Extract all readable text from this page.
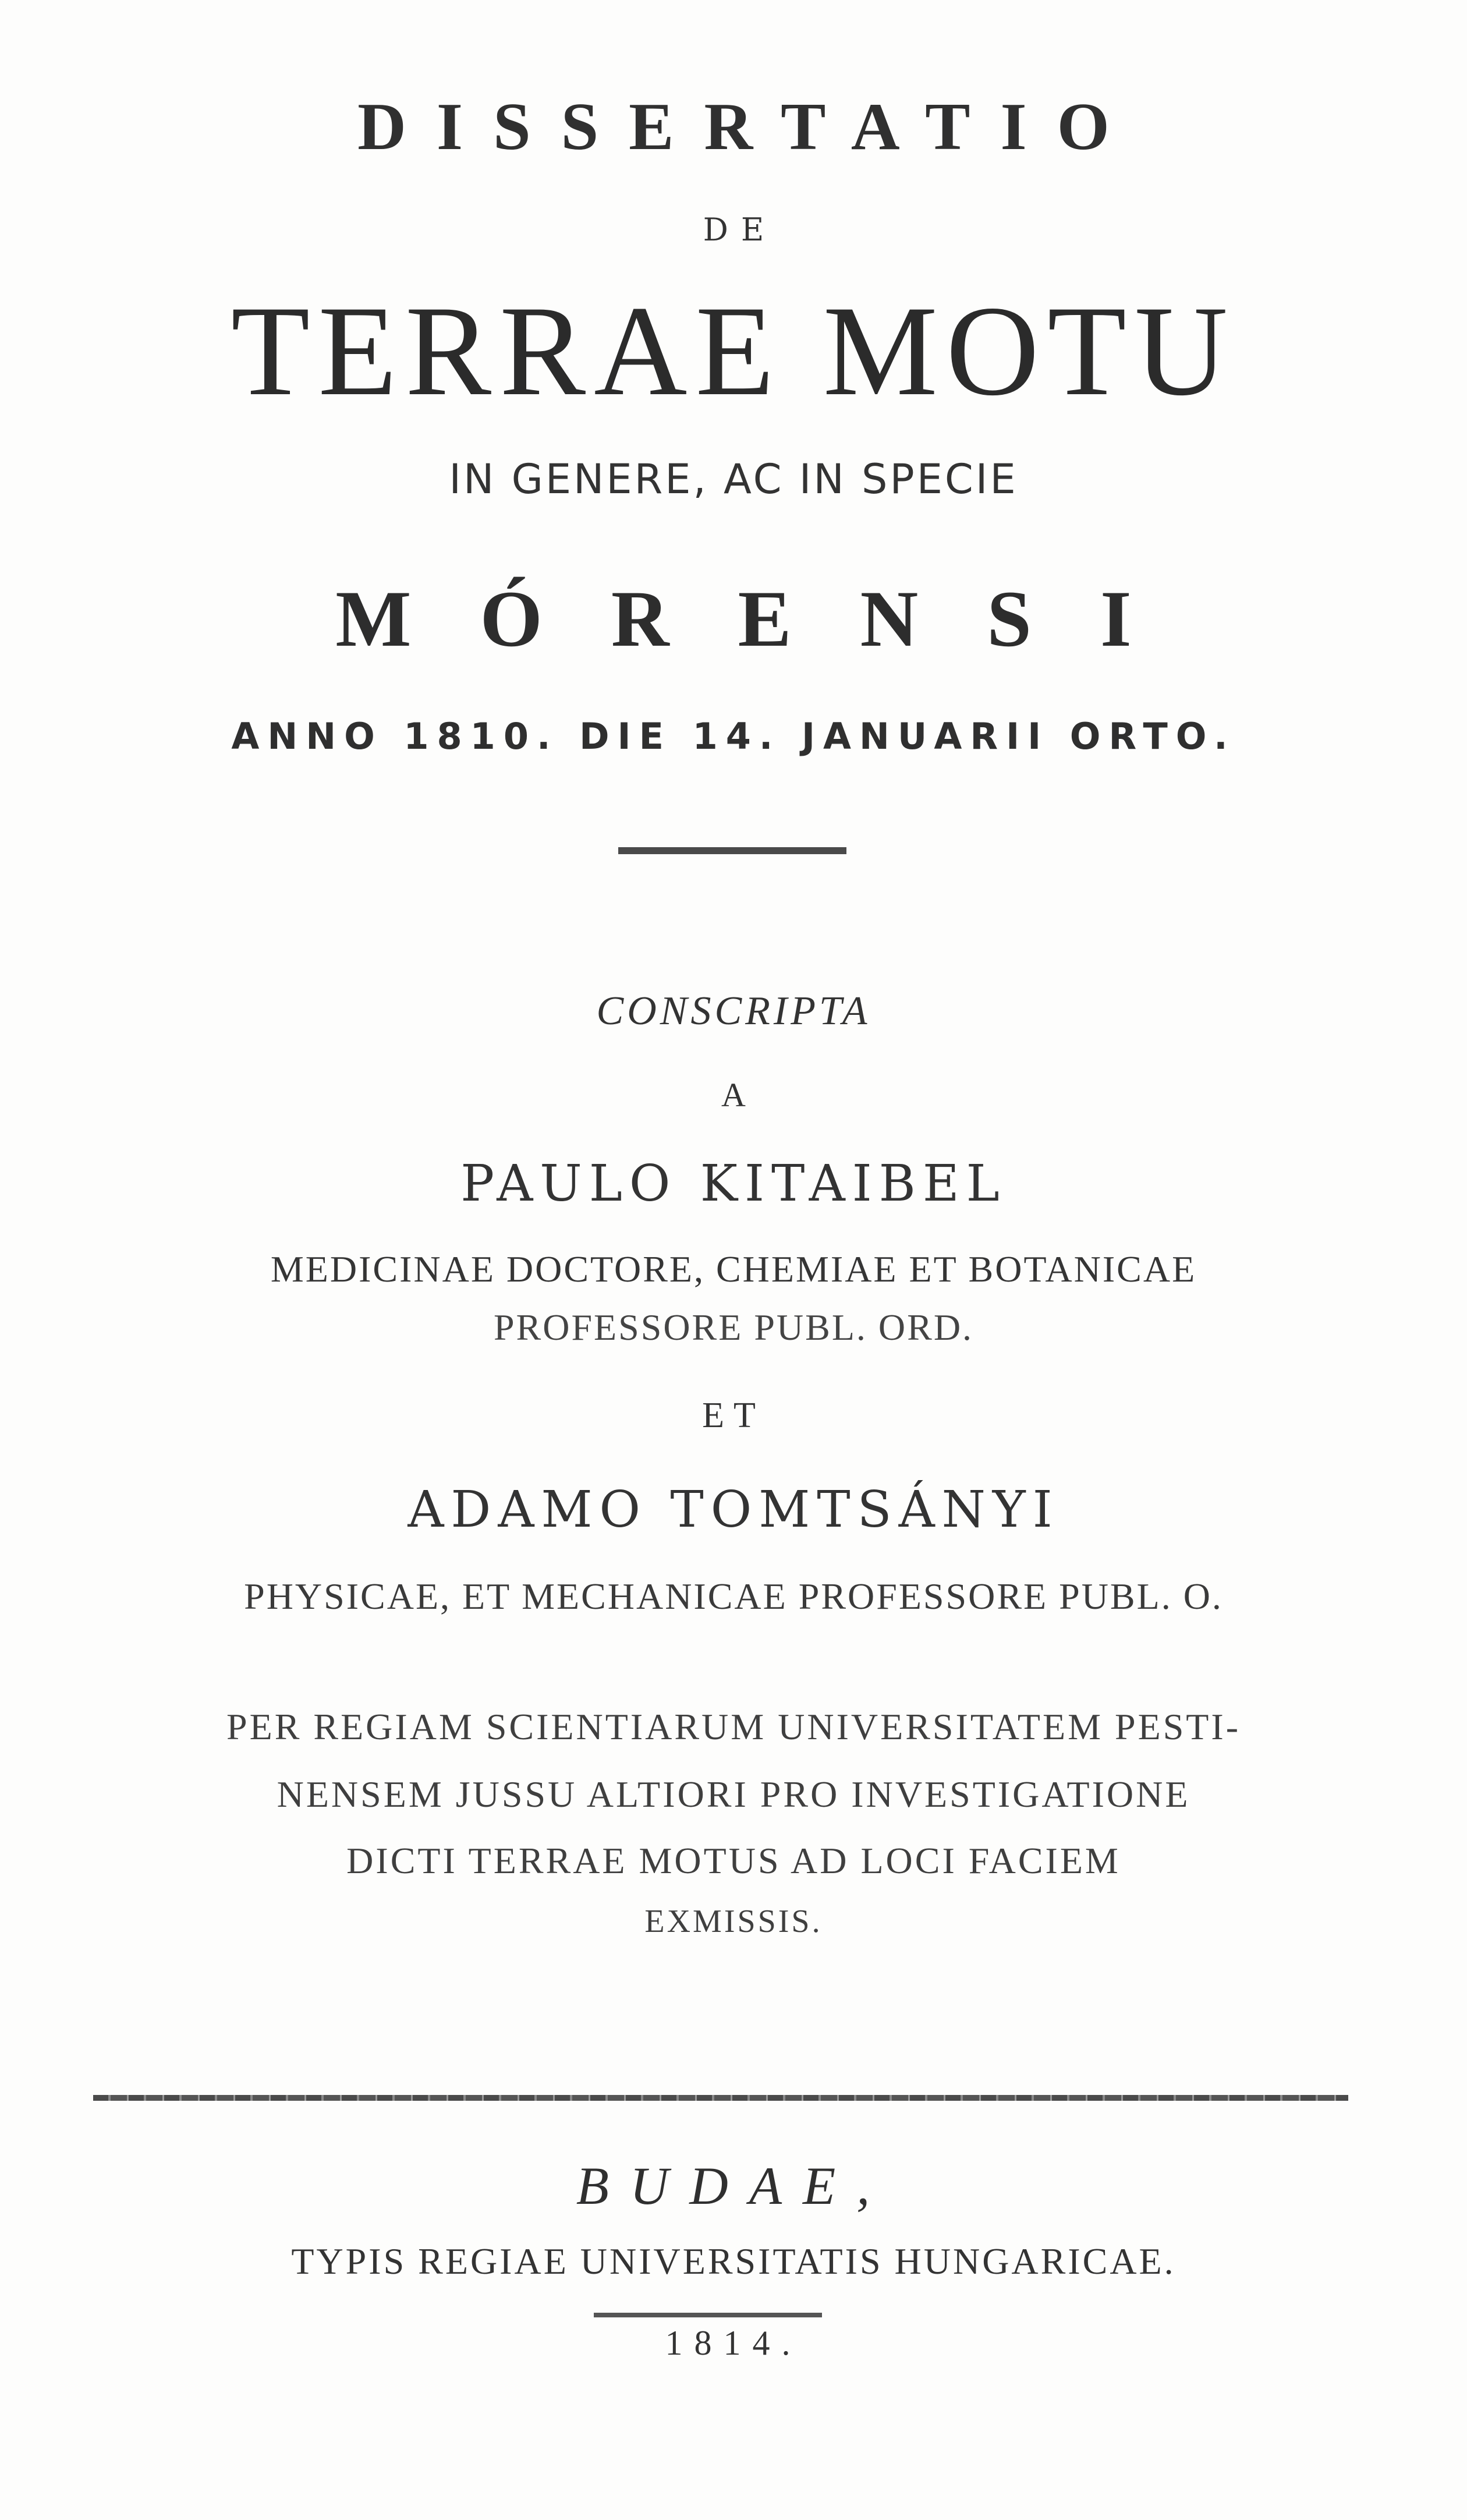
DISSERTATIO
DE
TERRAE MOTU
IN GENERE, AC IN SPECIE
MÓRENSI
ANNO 1810. DIE 14. JANUARII ORTO.
CONSCRIPTA
A
PAULO KITAIBEL
MEDICINAE DOCTORE, CHEMIAE ET BOTANICAE
PROFESSORE PUBL. ORD.
ET
ADAMO TOMTSÁNYI
PHYSICAE, ET MECHANICAE PROFESSORE PUBL. O.
PER REGIAM SCIENTIARUM UNIVERSITATEM PESTI-
NENSEM JUSSU ALTIORI PRO INVESTIGATIONE
DICTI TERRAE MOTUS AD LOCI FACIEM
EXMISSIS.
BUDAE,
TYPIS REGIAE UNIVERSITATIS HUNGARICAE.
1814.
